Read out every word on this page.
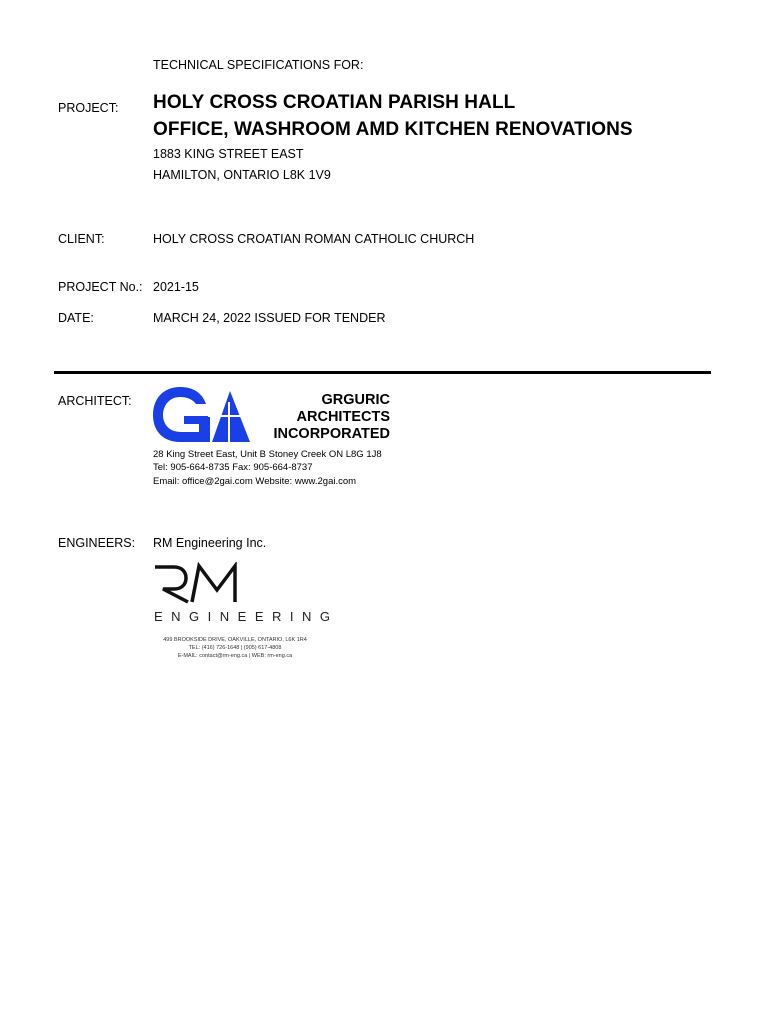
TECHNICAL SPECIFICATIONS FOR:
PROJECT: HOLY CROSS CROATIAN PARISH HALL
OFFICE, WASHROOM AMD KITCHEN RENOVATIONS
1883 KING STREET EAST
HAMILTON, ONTARIO L8K 1V9
CLIENT:	HOLY CROSS CROATIAN ROMAN CATHOLIC CHURCH
PROJECT No.: 2021-15
DATE:	MARCH 24, 2022 ISSUED FOR TENDER
ARCHITECT:	GRGURIC
ARCHITECTS
INCORPORATED
28 King Street East, Unit B Stoney Creek ON L8G 1J8
Tel: 905-664-8735 Fax: 905-664-8737
Email: office@2gai.com Website: www.2gai.com
ENGINEERS: RM Engineering Inc.
ENGINEERING
499 BROOKSIDE DRIVE, OAKVILLE, ONTARIO, L6K 1R4
TEL: (416) 726-1648 | (905) 617-4808
E-MAIL: contact@rm-eng.ca | WEB: rm-eng.ca
